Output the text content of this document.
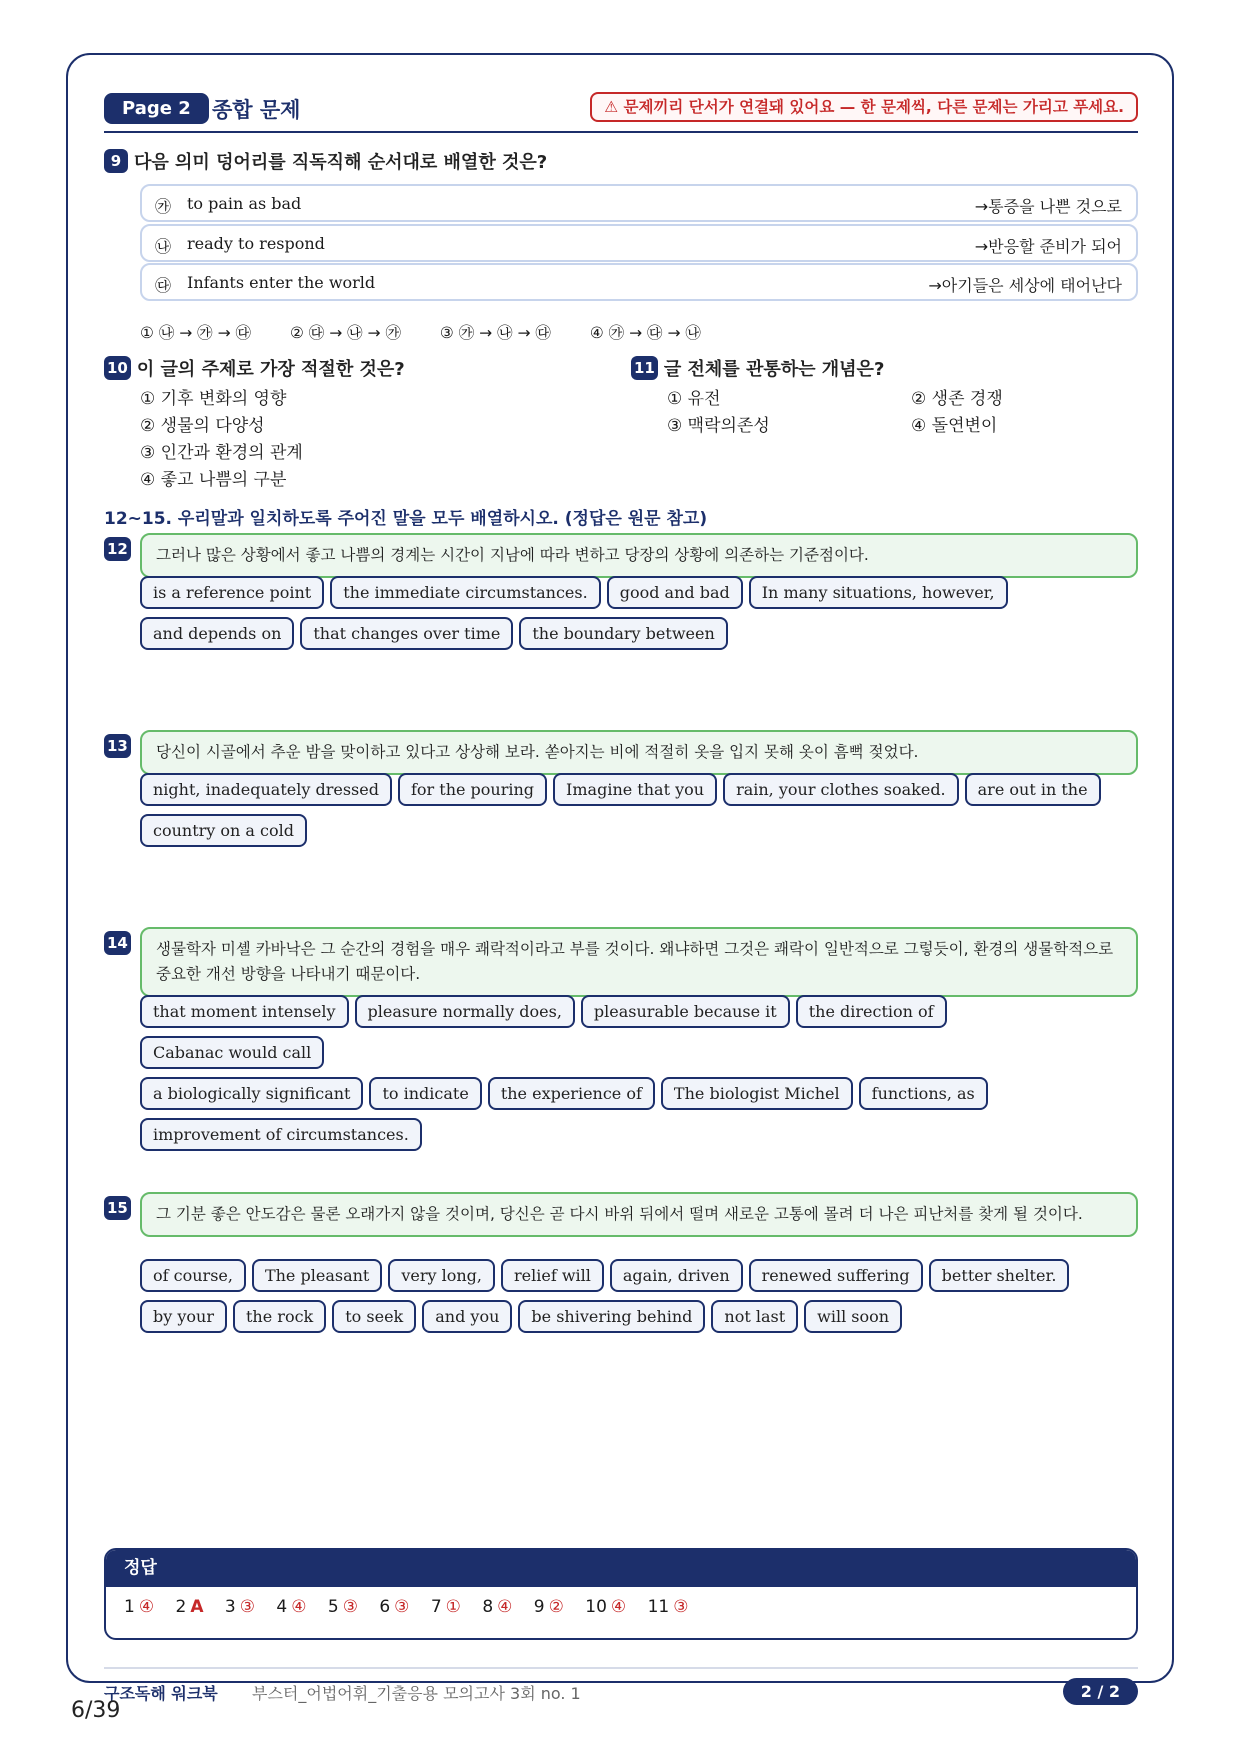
Page 2	종합 문제	⚠ 문제끼리 단서가 연결돼 있어요 — 한 문제씩, 다른 문제는 가리고 푸세요.
9 다음 의미 덩어리를 직독직해 순서대로 배열한 것은?
㉮ to pain as bad	→통증을 나쁜 것으로
㉯ ready to respond	→반응할 준비가 되어
㉰ Infants enter the world	→아기들은 세상에 태어난다
① ㉯ → ㉮ → ㉰	② ㉰ → ㉯ → ㉮	③ ㉮ → ㉯ → ㉰	④ ㉮ → ㉰ → ㉯
10 이 글의 주제로 가장 적절한 것은?
① 기후 변화의 영향
② 생물의 다양성
③ 인간과 환경의 관계
④ 좋고 나쁨의 구분
11 글 전체를 관통하는 개념은?
① 유전	② 생존 경쟁
③ 맥락의존성	④ 돌연변이
12~15. 우리말과 일치하도록 주어진 말을 모두 배열하시오. (정답은 원문 참고)
12	그러나 많은 상황에서 좋고 나쁨의 경계는 시간이 지남에 따라 변하고 당장의 상황에 의존하는 기준점이다.
is a reference point the immediate circumstances. good and bad In many situations, however,
and depends on that changes over time the boundary between
13	당신이 시골에서 추운 밤을 맞이하고 있다고 상상해 보라. 쏟아지는 비에 적절히 옷을 입지 못해 옷이 흠뻑 젖었다.
night, inadequately dressed for the pouring Imagine that you rain, your clothes soaked. are out in the
country on a cold
14	생물학자 미셸 카바낙은 그 순간의 경험을 매우 쾌락적이라고 부를 것이다. 왜냐하면 그것은 쾌락이 일반적으로 그렇듯이, 환경의 생물학적으로 중요한 개선 방향을 나타내기 때문이다.
that moment intensely pleasure normally does, pleasurable because it the direction ofCabanac would call
a biologically significant to indicate the experience of The biologist Michel functions, as
improvement of circumstances.
15	그 기분 좋은 안도감은 물론 오래가지 않을 것이며, 당신은 곧 다시 바위 뒤에서 떨며 새로운 고통에 몰려 더 나은 피난처를 찾게 될 것이다.
of course, The pleasant very long, relief will again, driven renewed suffering better shelter.
by your the rock to seek and you be shivering behind not last will soon
정답
1 ④ 2 A 3 ③ 4 ④ 5 ③ 6 ③ 7 ① 8 ④ 9 ② 10 ④ 11 ③
구조독해 워크북 부스터_어법어휘_기출응용 모의고사 3회 no. 1	2 / 2
6/39
